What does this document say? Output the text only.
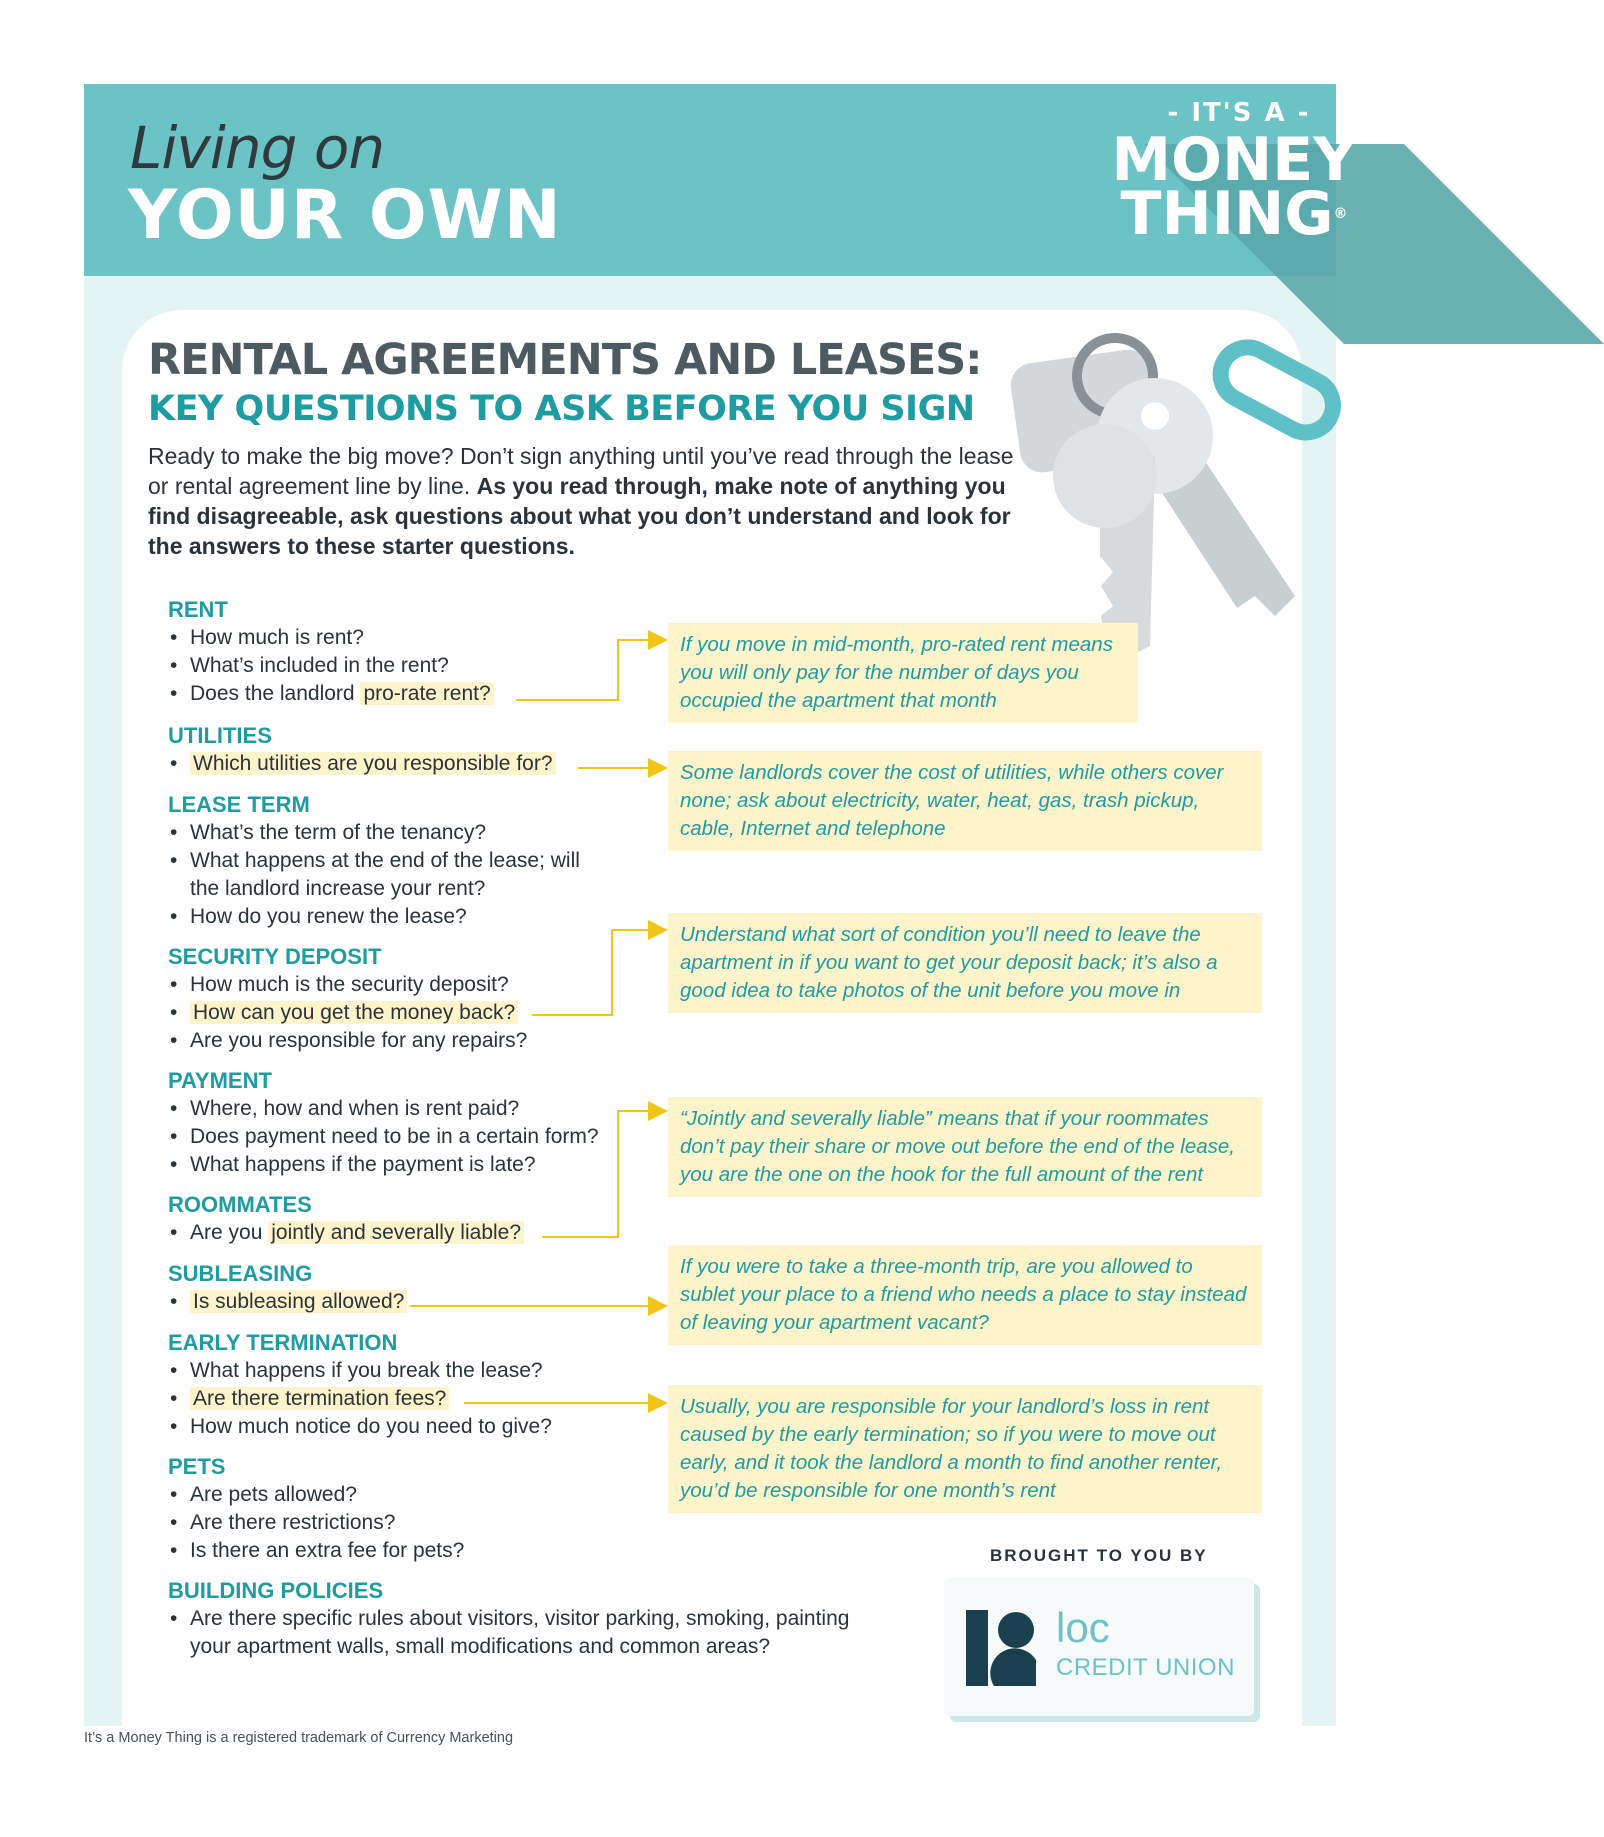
Living on
YOUR OWN
- IT'S A -
MONEY
THING®
RENTAL AGREEMENTS AND LEASES:
KEY QUESTIONS TO ASK BEFORE YOU SIGN
Ready to make the big move? Don’t sign anything until you’ve read through the lease or rental agreement line by line. As you read through, make note of anything you find disagreeable, ask questions about what you don’t understand and look for the answers to these starter questions.
RENT
• How much is rent?
• What’s included in the rent?
• Does the landlord pro-rate rent?
UTILITIES
• Which utilities are you responsible for?
LEASE TERM
• What’s the term of the tenancy?
• What happens at the end of the lease; will the landlord increase your rent?
• How do you renew the lease?
SECURITY DEPOSIT
• How much is the security deposit?
• How can you get the money back?
• Are you responsible for any repairs?
PAYMENT
• Where, how and when is rent paid?
• Does payment need to be in a certain form?
• What happens if the payment is late?
ROOMMATES
• Are you jointly and severally liable?
SUBLEASING
• Is subleasing allowed?
EARLY TERMINATION
• What happens if you break the lease?
• Are there termination fees?
• How much notice do you need to give?
PETS
• Are pets allowed?
• Are there restrictions?
• Is there an extra fee for pets?
BUILDING POLICIES
• Are there specific rules about visitors, visitor parking, smoking, painting your apartment walls, small modifications and common areas?
If you move in mid-month, pro-rated rent means you will only pay for the number of days you occupied the apartment that month
Some landlords cover the cost of utilities, while others cover none; ask about electricity, water, heat, gas, trash pickup, cable, Internet and telephone
Understand what sort of condition you’ll need to leave the apartment in if you want to get your deposit back; it’s also a good idea to take photos of the unit before you move in
“Jointly and severally liable” means that if your roommates don’t pay their share or move out before the end of the lease, you are the one on the hook for the full amount of the rent
If you were to take a three-month trip, are you allowed to sublet your place to a friend who needs a place to stay instead of leaving your apartment vacant?
Usually, you are responsible for your landlord’s loss in rent caused by the early termination; so if you were to move out early, and it took the landlord a month to find another renter, you’d be responsible for one month’s rent
BROUGHT TO YOU BY
loc
CREDIT UNION
It’s a Money Thing is a registered trademark of Currency Marketing
